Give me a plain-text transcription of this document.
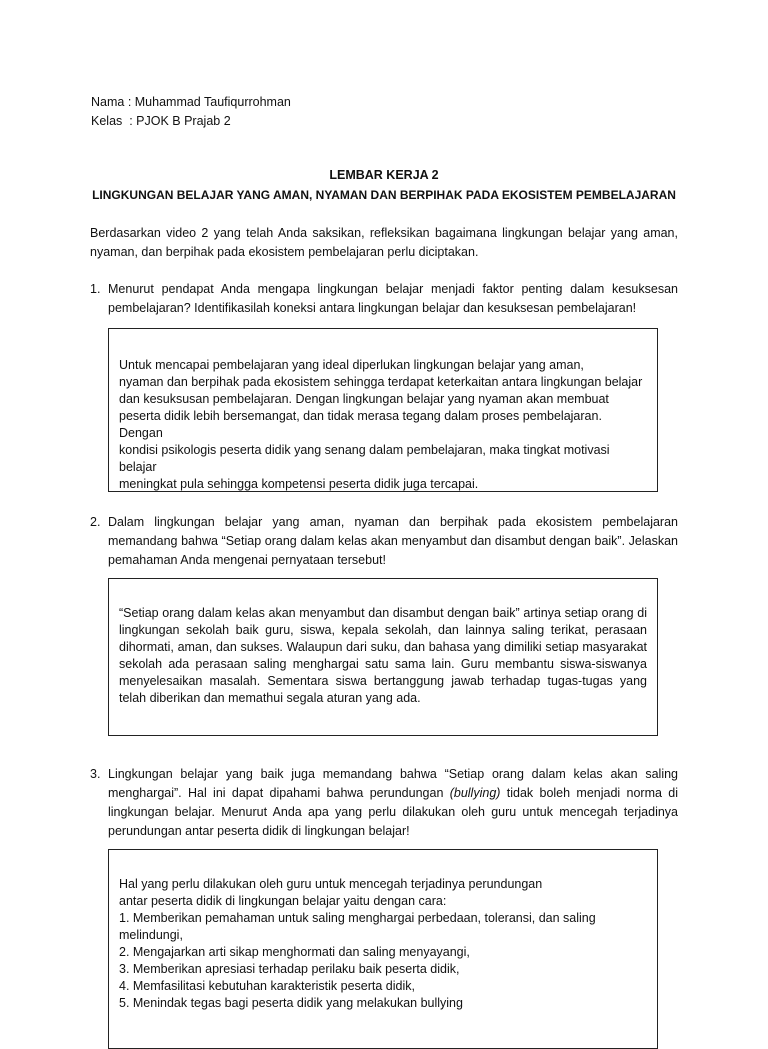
Nama : Muhammad Taufiqurrohman
Kelas  : PJOK B Prajab 2
LEMBAR KERJA 2
LINGKUNGAN BELAJAR YANG AMAN, NYAMAN DAN BERPIHAK PADA EKOSISTEM PEMBELAJARAN
Berdasarkan video 2 yang telah Anda saksikan, refleksikan bagaimana lingkungan belajar yang aman, nyaman, dan berpihak pada ekosistem pembelajaran perlu diciptakan.
1. Menurut pendapat Anda mengapa lingkungan belajar menjadi faktor penting dalam kesuksesan pembelajaran? Identifikasilah koneksi antara lingkungan belajar dan kesuksesan pembelajaran!
Untuk mencapai pembelajaran yang ideal diperlukan lingkungan belajar yang aman,
nyaman dan berpihak pada ekosistem sehingga terdapat keterkaitan antara lingkungan belajar
dan kesuksusan pembelajaran. Dengan lingkungan belajar yang nyaman akan membuat
peserta didik lebih bersemangat, dan tidak merasa tegang dalam proses pembelajaran. Dengan
kondisi psikologis peserta didik yang senang dalam pembelajaran, maka tingkat motivasi belajar
meningkat pula sehingga kompetensi peserta didik juga tercapai.
2. Dalam lingkungan belajar yang aman, nyaman dan berpihak pada ekosistem pembelajaran memandang bahwa “Setiap orang dalam kelas akan menyambut dan disambut dengan baik”. Jelaskan pemahaman Anda mengenai pernyataan tersebut!

“Setiap orang dalam kelas akan menyambut dan disambut dengan baik” artinya setiap orang di lingkungan sekolah baik guru, siswa, kepala sekolah, dan lainnya saling terikat, perasaan dihormati, aman, dan sukses. Walaupun dari suku, dan bahasa yang dimiliki setiap masyarakat sekolah ada perasaan saling menghargai satu sama lain. Guru membantu siswa-siswanya menyelesaikan masalah. Sementara siswa bertanggung jawab terhadap tugas-tugas yang telah diberikan dan memathui segala aturan yang ada.

3. Lingkungan belajar yang baik juga memandang bahwa “Setiap orang dalam kelas akan saling menghargai”. Hal ini dapat dipahami bahwa perundungan (bullying) tidak boleh menjadi norma di lingkungan belajar. Menurut Anda apa yang perlu dilakukan oleh guru untuk mencegah terjadinya perundungan antar peserta didik di lingkungan belajar!
Hal yang perlu dilakukan oleh guru untuk mencegah terjadinya perundungan
antar peserta didik di lingkungan belajar yaitu dengan cara:
1. Memberikan pemahaman untuk saling menghargai perbedaan, toleransi, dan saling
melindungi,
2. Mengajarkan arti sikap menghormati dan saling menyayangi,
3. Memberikan apresiasi terhadap perilaku baik peserta didik,
4. Memfasilitasi kebutuhan karakteristik peserta didik,
5. Menindak tegas bagi peserta didik yang melakukan bullying
